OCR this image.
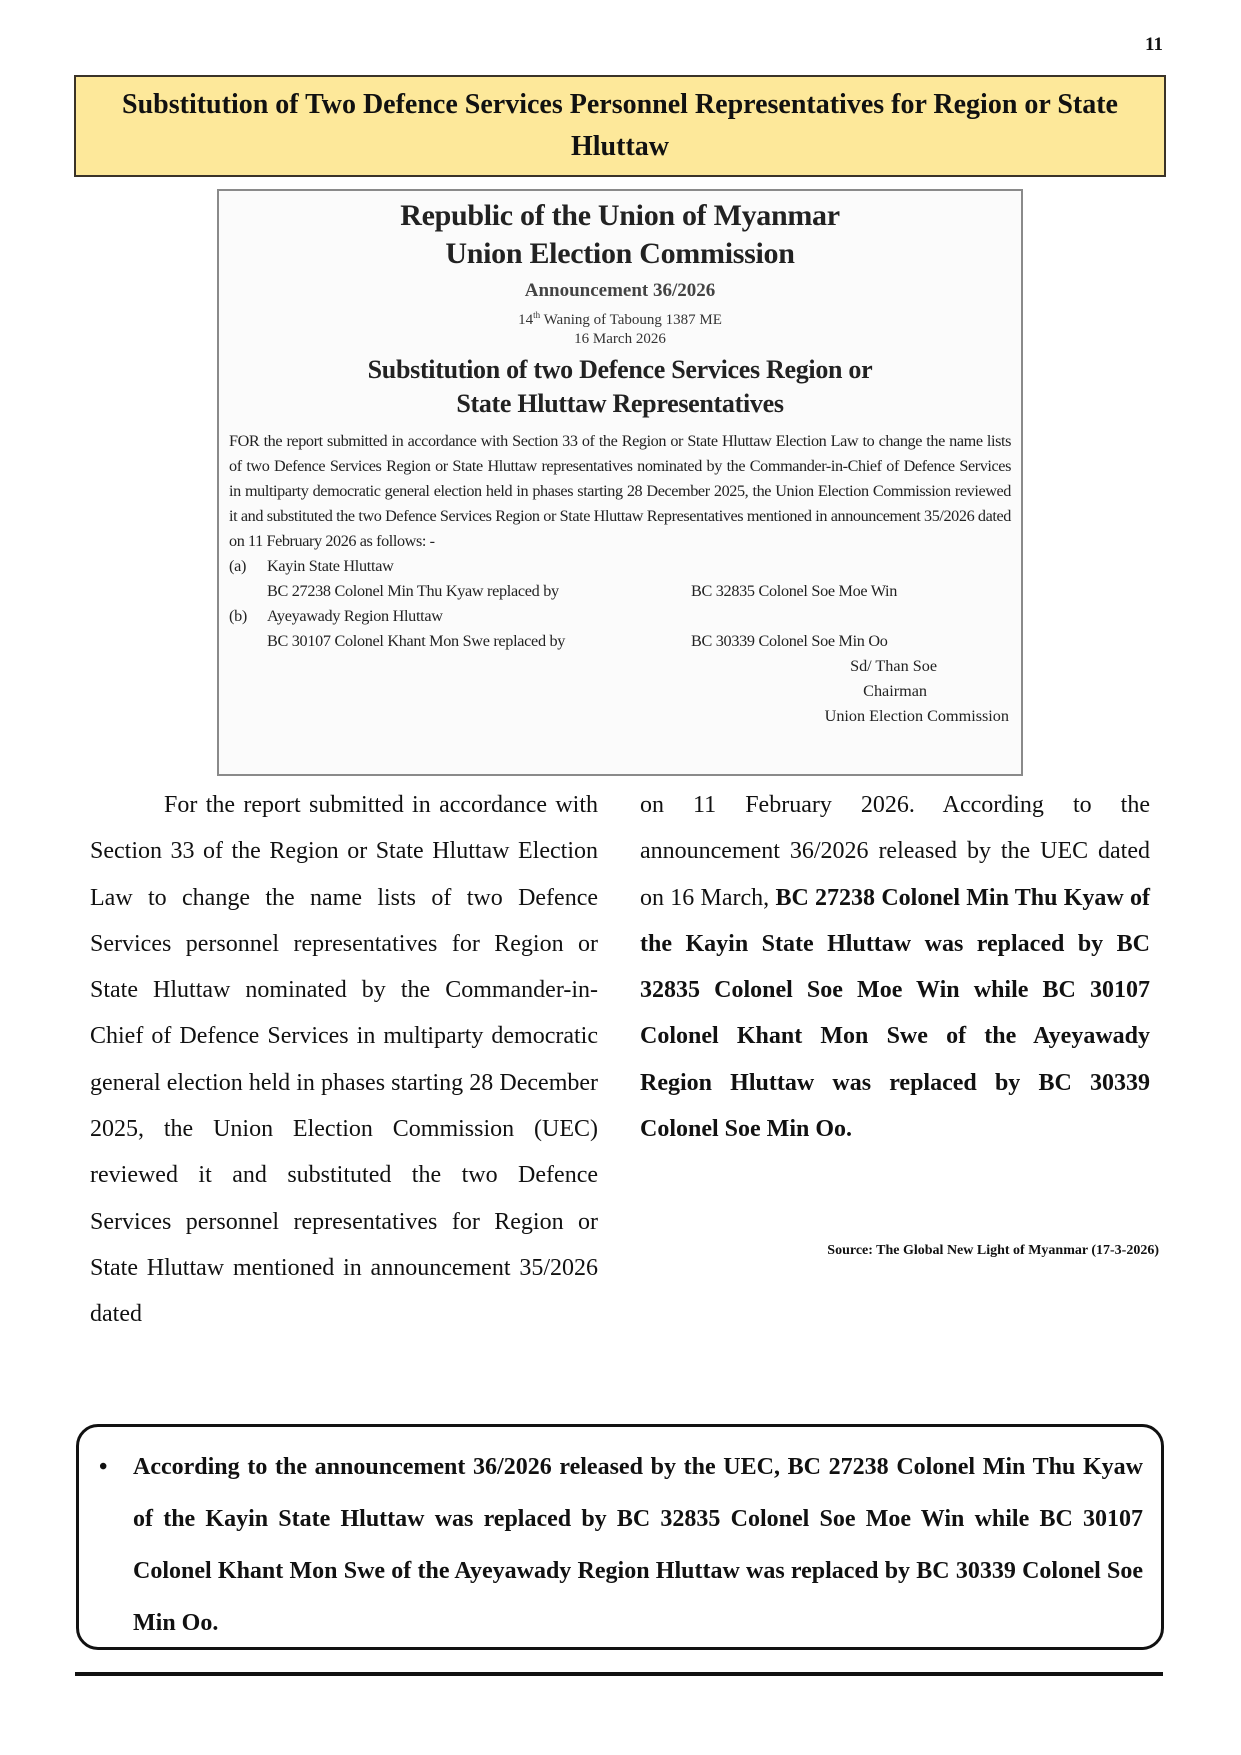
11
Substitution of Two Defence Services Personnel Representatives for Region or State Hluttaw
Republic of the Union of Myanmar
Union Election Commission
Announcement 36/2026
14th Waning of Taboung 1387 ME
16 March 2026
Substitution of two Defence Services Region or
State Hluttaw Representatives
FOR the report submitted in accordance with Section 33 of the Region or State Hluttaw Election Law to change the name lists of two Defence Services Region or State Hluttaw representatives nominated by the Commander-in-Chief of Defence Services in multiparty democratic general election held in phases starting 28 December 2025, the Union Election Commission reviewed it and substituted the two Defence Services Region or State Hluttaw Representatives mentioned in announcement 35/2026 dated on 11 February 2026 as follows: -
(a)	Kayin State Hluttaw
BC 27238 Colonel Min Thu Kyaw replaced by	BC 32835 Colonel Soe Moe Win
(b)	Ayeyawady Region Hluttaw
BC 30107 Colonel Khant Mon Swe replaced by	BC 30339 Colonel Soe Min Oo
Sd/ Than Soe
Chairman
Union Election Commission
For the report submitted in accordance with Section 33 of the Region or State Hluttaw Election Law to change the name lists of two Defence Services personnel representatives for Region or State Hluttaw nominated by the Commander-in-Chief of Defence Services in multiparty democratic general election held in phases starting 28 December 2025, the Union Election Commission (UEC) reviewed it and substituted the two Defence Services personnel representatives for Region or State Hluttaw mentioned in announcement 35/2026 dated
on 11 February 2026. According to the announcement 36/2026 released by the UEC dated on 16 March, BC 27238 Colonel Min Thu Kyaw of the Kayin State Hluttaw was replaced by BC 32835 Colonel Soe Moe Win while BC 30107 Colonel Khant Mon Swe of the Ayeyawady Region Hluttaw was replaced by BC 30339 Colonel Soe Min Oo.
Source: The Global New Light of Myanmar (17-3-2026)
• According to the announcement 36/2026 released by the UEC, BC 27238 Colonel Min Thu Kyaw of the Kayin State Hluttaw was replaced by BC 32835 Colonel Soe Moe Win while BC 30107 Colonel Khant Mon Swe of the Ayeyawady Region Hluttaw was replaced by BC 30339 Colonel Soe Min Oo.
